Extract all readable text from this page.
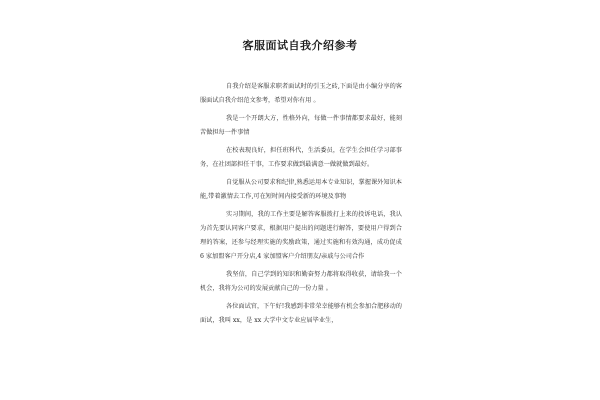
客服面试自我介绍参考

自我介绍是客服求职者面试时的引玉之砖,下面是由小编分享的客服面试自我介绍范文参考，希望对你有用 。

我是一个开朗大方，性格外向，每做一件事情都要求最好，能刻苦做担每一件事情

在校表现良好，担任班科代，生活委员，在学生会担任学习部事务，在社团部担任干事，工作要求做到最满意一做就做到最好。

自觉服从公司要求和纪律,熟悉运用本专业知识，掌握课外知识本能,带着激情去工作,可在短时间内接受新的环境及事物

实习期间，我的工作主要是解答客服拨打上来的投诉电话，我认为首先要认同客户要求，根据用户提出的问题进行解答，要使用户得到合理的答案，还参与经理实施的奖励政策，通过实施和有效沟通，成功促成 6 家加盟客户开分店,4 家加盟客户介绍朋友/亲戚与公司合作

我坚信，自己学到的知识和勤奋努力都将取得收获，请给我一个机会，我将为公司的发展贡献自己的一份力量 。

各位面试官，下午好!我感到非常荣幸能够有机会参加合肥移动的面试，我叫 xx，是 xx 大学中文专业应届毕业生，
